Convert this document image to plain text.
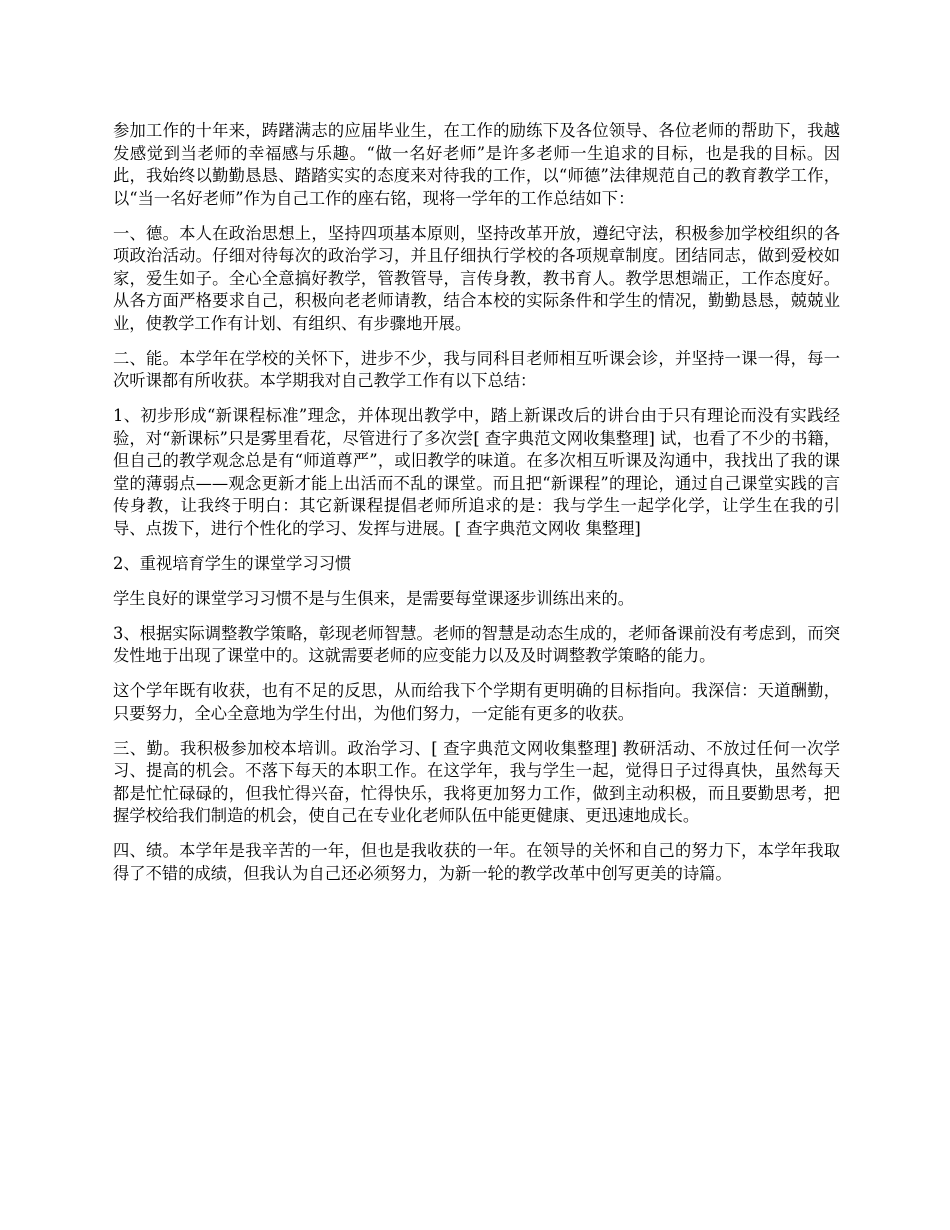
参加工作的十年来，踌躇满志的应届毕业生，在工作的励练下及各位领导、各位老师的帮助下，我越发感觉到当老师的幸福感与乐趣。“做一名好老师”是许多老师一生追求的目标，也是我的目标。因此，我始终以勤勤恳恳、踏踏实实的态度来对待我的工作，以“师德”法律规范自己的教育教学工作，以“当一名好老师”作为自己工作的座右铭，现将一学年的工作总结如下：

一、德。本人在政治思想上，坚持四项基本原则，坚持改革开放，遵纪守法，积极参加学校组织的各项政治活动。仔细对待每次的政治学习，并且仔细执行学校的各项规章制度。团结同志，做到爱校如家，爱生如子。全心全意搞好教学，管教管导，言传身教，教书育人。教学思想端正，工作态度好。从各方面严格要求自己，积极向老老师请教，结合本校的实际条件和学生的情况，勤勤恳恳，兢兢业业，使教学工作有计划、有组织、有步骤地开展。

二、能。本学年在学校的关怀下，进步不少，我与同科目老师相互听课会诊，并坚持一课一得，每一次听课都有所收获。本学期我对自己教学工作有以下总结：

1、初步形成“新课程标准”理念，并体现出教学中，踏上新课改后的讲台由于只有理论而没有实践经验，对“新课标”只是雾里看花，尽管进行了多次尝[ 查字典范文网收集整理] 试，也看了不少的书籍，但自己的教学观念总是有“师道尊严”，或旧教学的味道。在多次相互听课及沟通中，我找出了我的课堂的薄弱点——观念更新才能上出活而不乱的课堂。而且把“新课程”的理论，通过自己课堂实践的言传身教，让我终于明白：其它新课程提倡老师所追求的是：我与学生一起学化学，让学生在我的引导、点拨下，进行个性化的学习、发挥与进展。[ 查字典范文网收 集整理]

2、重视培育学生的课堂学习习惯

学生良好的课堂学习习惯不是与生俱来，是需要每堂课逐步训练出来的。

3、根据实际调整教学策略，彰现老师智慧。老师的智慧是动态生成的，老师备课前没有考虑到，而突发性地于出现了课堂中的。这就需要老师的应变能力以及及时调整教学策略的能力。

这个学年既有收获，也有不足的反思，从而给我下个学期有更明确的目标指向。我深信：天道酬勤，只要努力，全心全意地为学生付出，为他们努力，一定能有更多的收获。

三、勤。我积极参加校本培训。政治学习、[ 查字典范文网收集整理] 教研活动、不放过任何一次学习、提高的机会。不落下每天的本职工作。在这学年，我与学生一起，觉得日子过得真快，虽然每天都是忙忙碌碌的，但我忙得兴奋，忙得快乐，我将更加努力工作，做到主动积极，而且要勤思考，把握学校给我们制造的机会，使自己在专业化老师队伍中能更健康、更迅速地成长。

四、绩。本学年是我辛苦的一年，但也是我收获的一年。在领导的关怀和自己的努力下，本学年我取得了不错的成绩，但我认为自己还必须努力，为新一轮的教学改革中创写更美的诗篇。
